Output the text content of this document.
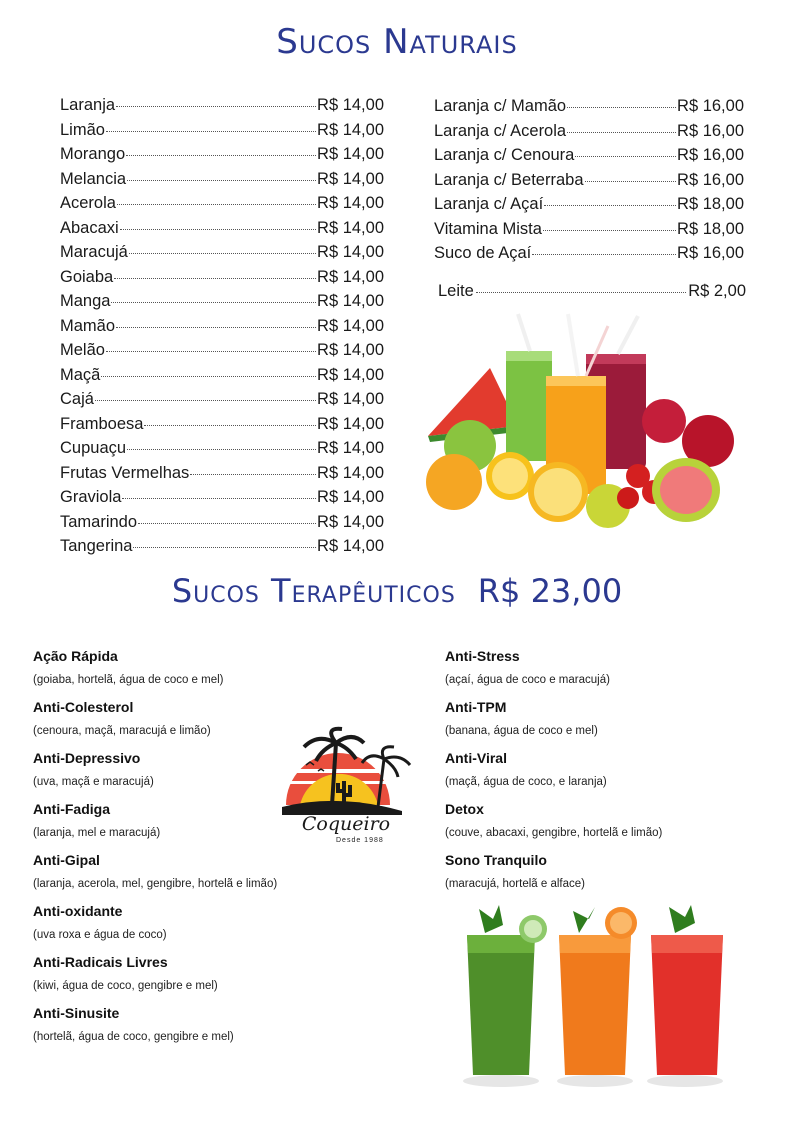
Sucos Naturais
Laranja	R$ 14,00
Limão	R$ 14,00
Morango	R$ 14,00
Melancia	R$ 14,00
Acerola	R$ 14,00
Abacaxi	R$ 14,00
Maracujá	R$ 14,00
Goiaba	R$ 14,00
Manga	R$ 14,00
Mamão	R$ 14,00
Melão	R$ 14,00
Maçã	R$ 14,00
Cajá	R$ 14,00
Framboesa	R$ 14,00
Cupuaçu	R$ 14,00
Frutas Vermelhas	R$ 14,00
Graviola	R$ 14,00
Tamarindo	R$ 14,00
Tangerina	R$ 14,00
Laranja c/ Mamão	R$ 16,00
Laranja c/ Acerola	R$ 16,00
Laranja c/ Cenoura	R$ 16,00
Laranja c/ Beterraba	R$ 16,00
Laranja c/ Açaí	R$ 18,00
Vitamina Mista	R$ 18,00
Suco de Açaí	R$ 16,00
Leite	R$ 2,00
Sucos Terapêuticos R$ 23,00
Ação Rápida
(goiaba, hortelã, água de coco e mel)
Anti-Colesterol
(cenoura, maçã, maracujá e limão)
Anti-Depressivo
(uva, maçã e maracujá)
Anti-Fadiga
(laranja, mel e maracujá)
Anti-Gipal
(laranja, acerola, mel, gengibre, hortelã e limão)
Anti-oxidante
(uva roxa e água de coco)
Anti-Radicais Livres
(kiwi, água de coco, gengibre e mel)
Anti-Sinusite
(hortelã, água de coco, gengibre e mel)
Anti-Stress
(açaí, água de coco e maracujá)
Anti-TPM
(banana, água de coco e mel)
Anti-Viral
(maçã, água de coco, e laranja)
Detox
(couve, abacaxi, gengibre, hortelã e limão)
Sono Tranquilo
(maracujá, hortelã e alface)
Coqueiro
Desde 1988
